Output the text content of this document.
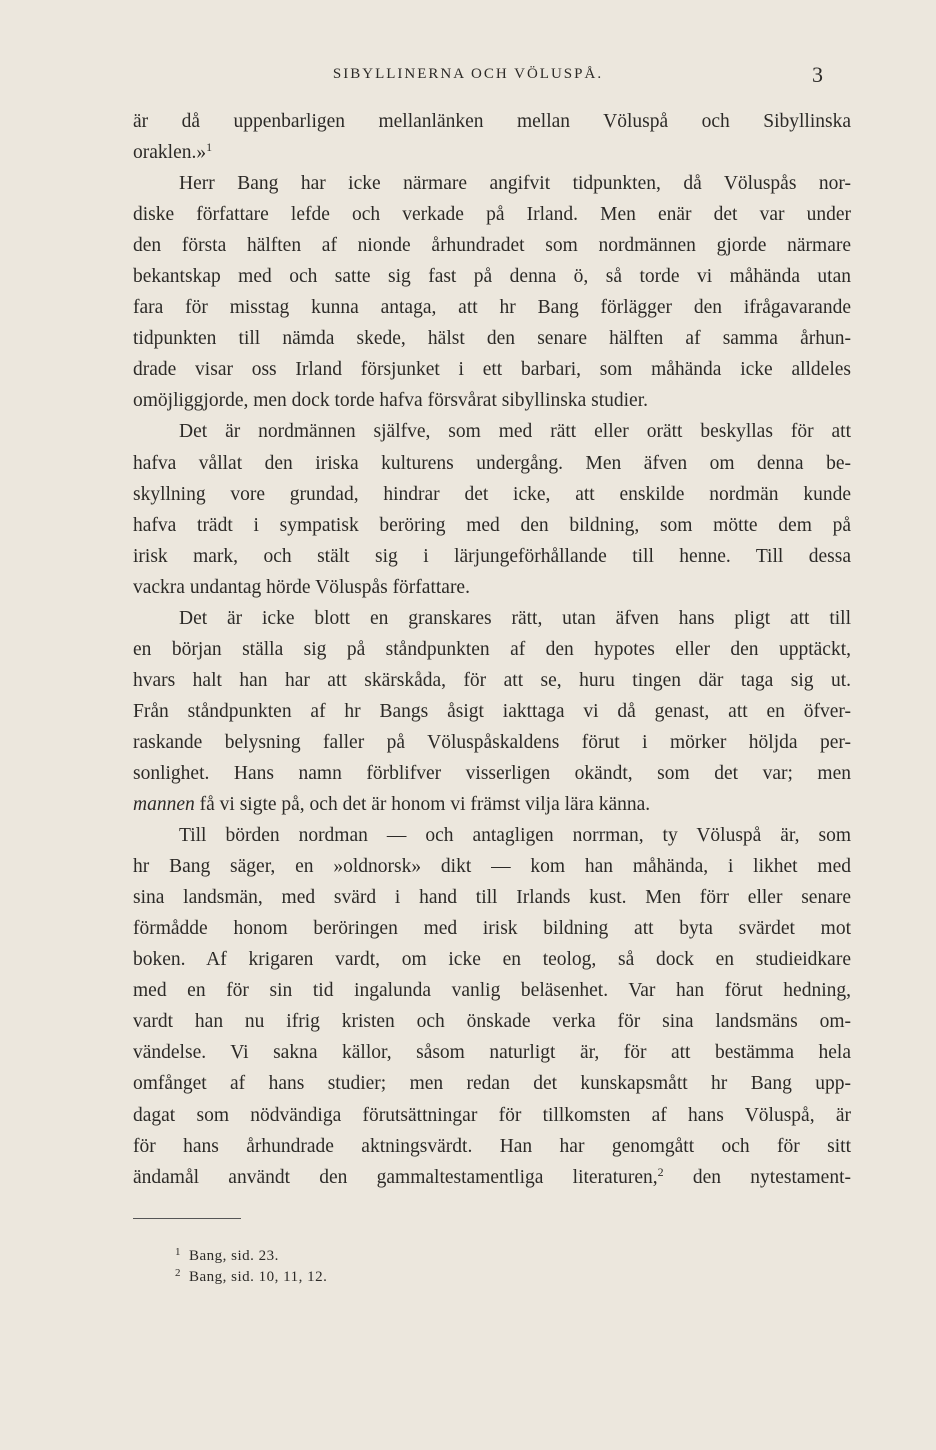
SIBYLLINERNA OCH VÖLUSPÅ.	3
är då uppenbarligen mellanlänken mellan Völuspå och Sibyllinska
oraklen.»$^1$
Herr Bang har icke närmare angifvit tidpunkten, då Völuspås nor-
diske författare lefde och verkade på Irland. Men enär det var under
den första hälften af nionde århundradet som nordmännen gjorde närmare
bekantskap med och satte sig fast på denna ö, så torde vi måhända utan
fara för misstag kunna antaga, att hr Bang förlägger den ifrågavarande
tidpunkten till nämda skede, hälst den senare hälften af samma århun-
drade visar oss Irland försjunket i ett barbari, som måhända icke alldeles
omöjliggjorde, men dock torde hafva försvårat sibyllinska studier.
Det är nordmännen själfve, som med rätt eller orätt beskyllas för att
hafva vållat den iriska kulturens undergång. Men äfven om denna be-
skyllning vore grundad, hindrar det icke, att enskilde nordmän kunde
hafva trädt i sympatisk beröring med den bildning, som mötte dem på
irisk mark, och stält sig i lärjungeförhållande till henne. Till dessa
vackra undantag hörde Völuspås författare.
Det är icke blott en granskares rätt, utan äfven hans pligt att till
en början ställa sig på ståndpunkten af den hypotes eller den upptäckt,
hvars halt han har att skärskåda, för att se, huru tingen där taga sig ut.
Från ståndpunkten af hr Bangs åsigt iakttaga vi då genast, att en öfver-
raskande belysning faller på Völuspåskaldens förut i mörker höljda per-
sonlighet. Hans namn förblifver visserligen okändt, som det var; men
mannen få vi sigte på, och det är honom vi främst vilja lära känna.
Till börden nordman — och antagligen norrman, ty Völuspå är, som
hr Bang säger, en »oldnorsk» dikt — kom han måhända, i likhet med
sina landsmän, med svärd i hand till Irlands kust. Men förr eller senare
förmådde honom beröringen med irisk bildning att byta svärdet mot
boken. Af krigaren vardt, om icke en teolog, så dock en studieidkare
med en för sin tid ingalunda vanlig beläsenhet. Var han förut hedning,
vardt han nu ifrig kristen och önskade verka för sina landsmäns om-
vändelse. Vi sakna källor, såsom naturligt är, för att bestämma hela
omfånget af hans studier; men redan det kunskapsmått hr Bang upp-
dagat som nödvändiga förutsättningar för tillkomsten af hans Völuspå, är
för hans århundrade aktningsvärdt. Han har genomgått och för sitt
ändamål användt den gammaltestamentliga literaturen,$^2$ den nytestament-
$^1$ Bang, sid. 23.
$^2$ Bang, sid. 10, 11, 12.
